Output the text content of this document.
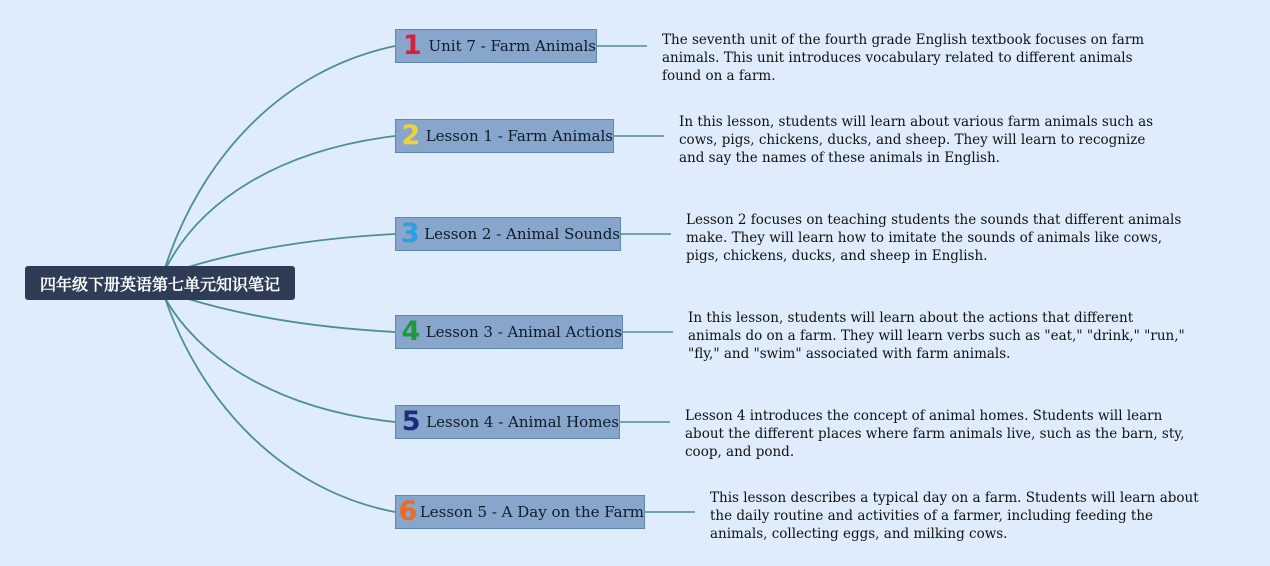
四年级下册英语第七单元知识笔记
1 Unit 7 - Farm Animals	The seventh unit of the fourth grade English textbook focuses on farm animals. This unit introduces vocabulary related to different animals found on a farm.
2 Lesson 1 - Farm Animals
In this lesson, students will learn about various farm animals such as cows, pigs, chickens, ducks, and sheep. They will learn to recognize and say the names of these animals in English.
3 Lesson 2 - Animal Sounds
Lesson 2 focuses on teaching students the sounds that different animals make. They will learn how to imitate the sounds of animals like cows, pigs, chickens, ducks, and sheep in English.
4 Lesson 3 - Animal Actions
In this lesson, students will learn about the actions that different animals do on a farm. They will learn verbs such as "eat," "drink," "run," "fly," and "swim" associated with farm animals.
5 Lesson 4 - Animal Homes	Lesson 4 introduces the concept of animal homes. Students will learn about the different places where farm animals live, such as the barn, sty, coop, and pond.
6 Lesson 5 - A Day on the Farm
This lesson describes a typical day on a farm. Students will learn about the daily routine and activities of a farmer, including feeding the animals, collecting eggs, and milking cows.
